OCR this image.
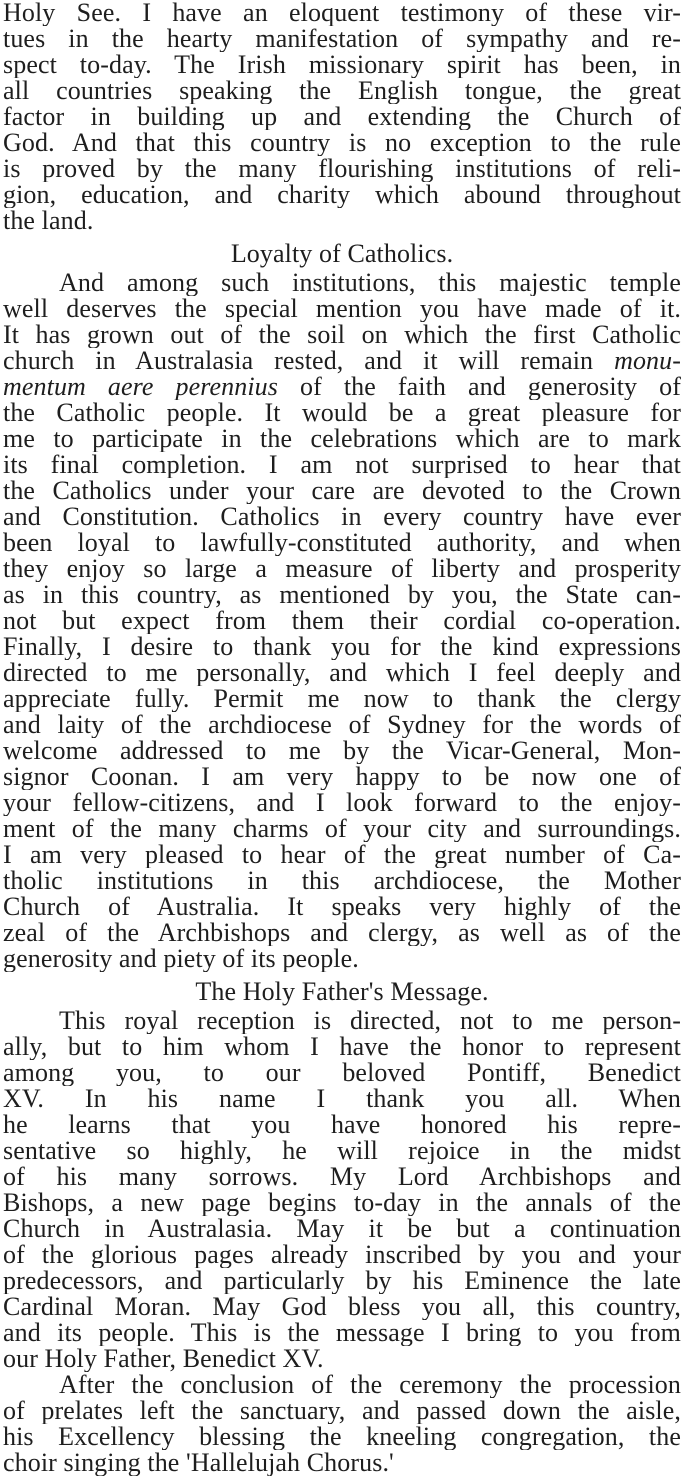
Holy See. I have an eloquent testimony of these vir-
tues in the hearty manifestation of sympathy and re-
spect to-day. The Irish missionary spirit has been, in
all countries speaking the English tongue, the great
factor in building up and extending the Church of
God. And that this country is no exception to the rule
is proved by the many flourishing institutions of reli-
gion, education, and charity which abound throughout
the land.
Loyalty of Catholics.
And among such institutions, this majestic temple
well deserves the special mention you have made of it.
It has grown out of the soil on which the first Catholic
church in Australasia rested, and it will remain monu-
mentum aere perennius of the faith and generosity of
the Catholic people. It would be a great pleasure for
me to participate in the celebrations which are to mark
its final completion. I am not surprised to hear that
the Catholics under your care are devoted to the Crown
and Constitution. Catholics in every country have ever
been loyal to lawfully-constituted authority, and when
they enjoy so large a measure of liberty and prosperity
as in this country, as mentioned by you, the State can-
not but expect from them their cordial co-operation.
Finally, I desire to thank you for the kind expressions
directed to me personally, and which I feel deeply and
appreciate fully. Permit me now to thank the clergy
and laity of the archdiocese of Sydney for the words of
welcome addressed to me by the Vicar-General, Mon-
signor Coonan. I am very happy to be now one of
your fellow-citizens, and I look forward to the enjoy-
ment of the many charms of your city and surroundings.
I am very pleased to hear of the great number of Ca-
tholic institutions in this archdiocese, the Mother
Church of Australia. It speaks very highly of the
zeal of the Archbishops and clergy, as well as of the
generosity and piety of its people.
The Holy Father's Message.
This royal reception is directed, not to me person-
ally, but to him whom I have the honor to represent
among you, to our beloved Pontiff, Benedict
XV. In his name I thank you all. When
he learns that you have honored his repre-
sentative so highly, he will rejoice in the midst
of his many sorrows. My Lord Archbishops and
Bishops, a new page begins to-day in the annals of the
Church in Australasia. May it be but a continuation
of the glorious pages already inscribed by you and your
predecessors, and particularly by his Eminence the late
Cardinal Moran. May God bless you all, this country,
and its people. This is the message I bring to you from
our Holy Father, Benedict XV.
After the conclusion of the ceremony the procession
of prelates left the sanctuary, and passed down the aisle,
his Excellency blessing the kneeling congregation, the
choir singing the 'Hallelujah Chorus.'
